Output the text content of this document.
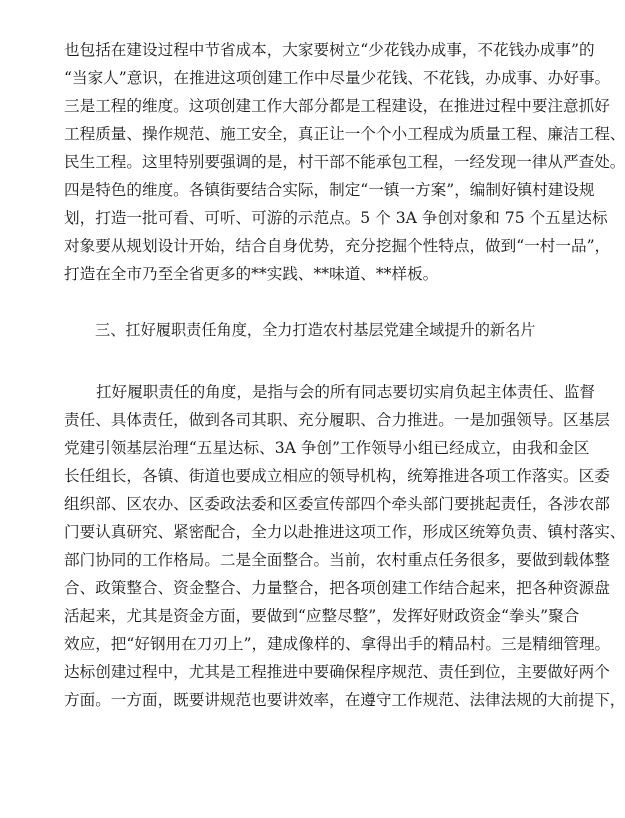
也包括在建设过程中节省成本，大家要树立“少花钱办成事，不花钱办成事”的
“当家人”意识，在推进这项创建工作中尽量少花钱、不花钱，办成事、办好事。
三是工程的维度。这项创建工作大部分都是工程建设，在推进过程中要注意抓好
工程质量、操作规范、施工安全，真正让一个个小工程成为质量工程、廉洁工程、
民生工程。这里特别要强调的是，村干部不能承包工程，一经发现一律从严查处。
四是特色的维度。各镇街要结合实际，制定“一镇一方案”，编制好镇村建设规
划，打造一批可看、可听、可游的示范点。5 个 3A 争创对象和 75 个五星达标
对象要从规划设计开始，结合自身优势，充分挖掘个性特点，做到“一村一品”，
打造在全市乃至全省更多的**实践、**味道、**样板。
三、扛好履职责任角度，全力打造农村基层党建全域提升的新名片
扛好履职责任的角度，是指与会的所有同志要切实肩负起主体责任、监督
责任、具体责任，做到各司其职、充分履职、合力推进。一是加强领导。区基层
党建引领基层治理“五星达标、3A 争创”工作领导小组已经成立，由我和金区
长任组长，各镇、街道也要成立相应的领导机构，统筹推进各项工作落实。区委
组织部、区农办、区委政法委和区委宣传部四个牵头部门要挑起责任，各涉农部
门要认真研究、紧密配合，全力以赴推进这项工作，形成区统筹负责、镇村落实、
部门协同的工作格局。二是全面整合。当前，农村重点任务很多，要做到载体整
合、政策整合、资金整合、力量整合，把各项创建工作结合起来，把各种资源盘
活起来，尤其是资金方面，要做到“应整尽整”，发挥好财政资金“拳头”聚合
效应，把“好钢用在刀刃上”，建成像样的、拿得出手的精品村。三是精细管理。
达标创建过程中，尤其是工程推进中要确保程序规范、责任到位，主要做好两个
方面。一方面，既要讲规范也要讲效率，在遵守工作规范、法律法规的大前提下，
